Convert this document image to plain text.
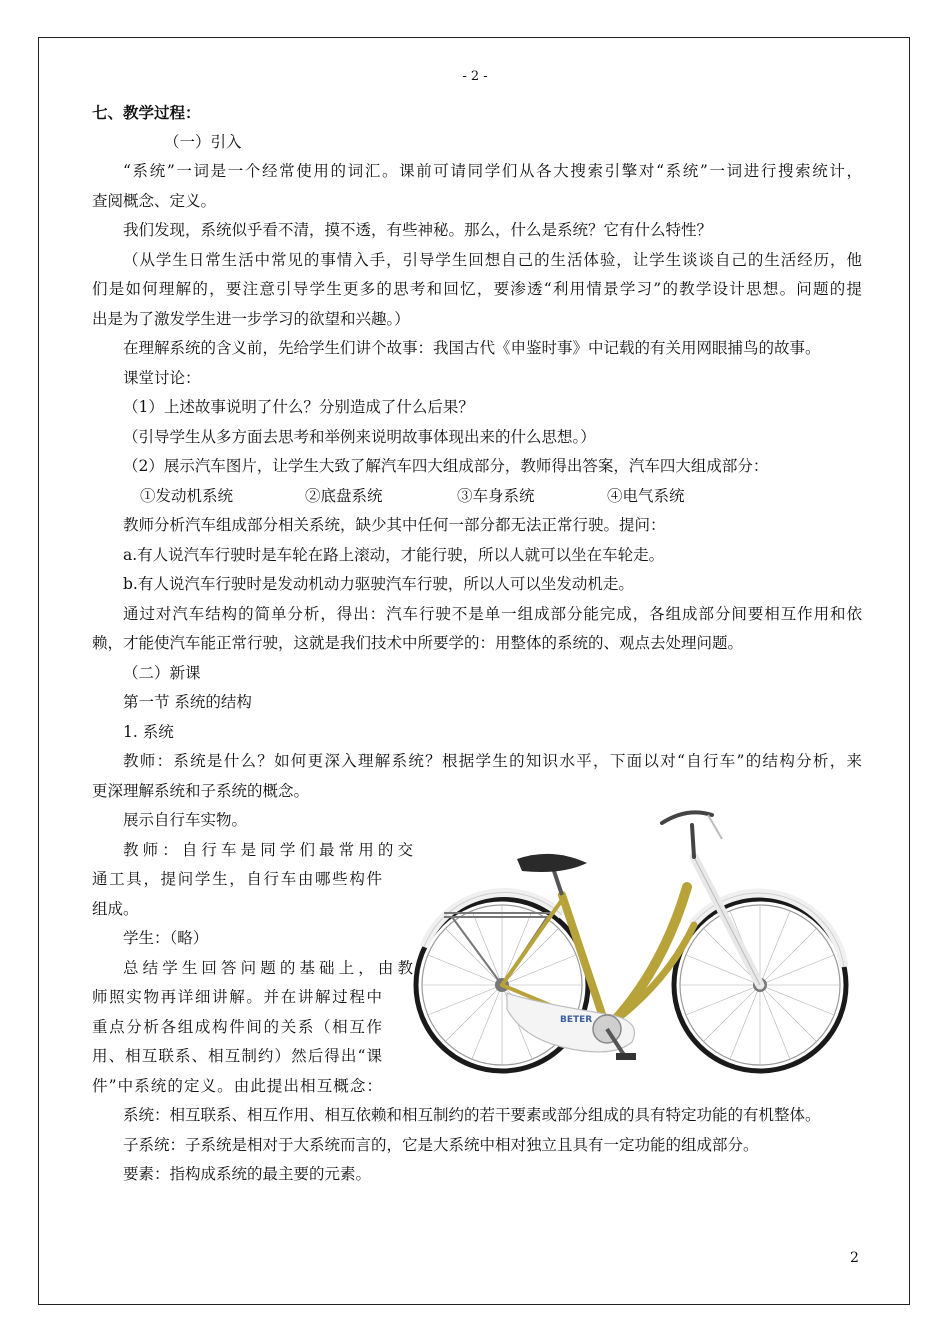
- 2 -
七、教学过程：
（一）引入
“系统”一词是一个经常使用的词汇。课前可请同学们从各大搜索引擎对“系统”一词进行搜索统计，
查阅概念、定义。
我们发现，系统似乎看不清，摸不透，有些神秘。那么，什么是系统？它有什么特性？
（从学生日常生活中常见的事情入手，引导学生回想自己的生活体验，让学生谈谈自己的生活经历，他
们是如何理解的，要注意引导学生更多的思考和回忆，要渗透“利用情景学习”的教学设计思想。问题的提
出是为了激发学生进一步学习的欲望和兴趣。）
在理解系统的含义前，先给学生们讲个故事：我国古代《申鉴时事》中记载的有关用网眼捕鸟的故事。
课堂讨论：
（1）上述故事说明了什么？分别造成了什么后果？
（引导学生从多方面去思考和举例来说明故事体现出来的什么思想。）
（2）展示汽车图片，让学生大致了解汽车四大组成部分，教师得出答案，汽车四大组成部分：
①发动机系统	②底盘系统	③车身系统	④电气系统
教师分析汽车组成部分相关系统，缺少其中任何一部分都无法正常行驶。提问：
a.有人说汽车行驶时是车轮在路上滚动，才能行驶，所以人就可以坐在车轮走。
b.有人说汽车行驶时是发动机动力驱驶汽车行驶，所以人可以坐发动机走。
通过对汽车结构的简单分析，得出：汽车行驶不是单一组成部分能完成，各组成部分间要相互作用和依
赖，才能使汽车能正常行驶，这就是我们技术中所要学的：用整体的系统的、观点去处理问题。
（二）新课
第一节 系统的结构
1. 系统
教师：系统是什么？如何更深入理解系统？根据学生的知识水平，下面以对“自行车”的结构分析，来
更深理解系统和子系统的概念。
展示自行车实物。
教师：自行车是同学们最常用的交
通工具，提问学生，自行车由哪些构件
组成。
学生：（略）
总结学生回答问题的基础上，由教
师照实物再详细讲解。并在讲解过程中
重点分析各组成构件间的关系（相互作
用、相互联系、相互制约）然后得出“课
件”中系统的定义。由此提出相互概念：
系统：相互联系、相互作用、相互依赖和相互制约的若干要素或部分组成的具有特定功能的有机整体。
子系统：子系统是相对于大系统而言的，它是大系统中相对独立且具有一定功能的组成部分。
要素：指构成系统的最主要的元素。
BETER
2
